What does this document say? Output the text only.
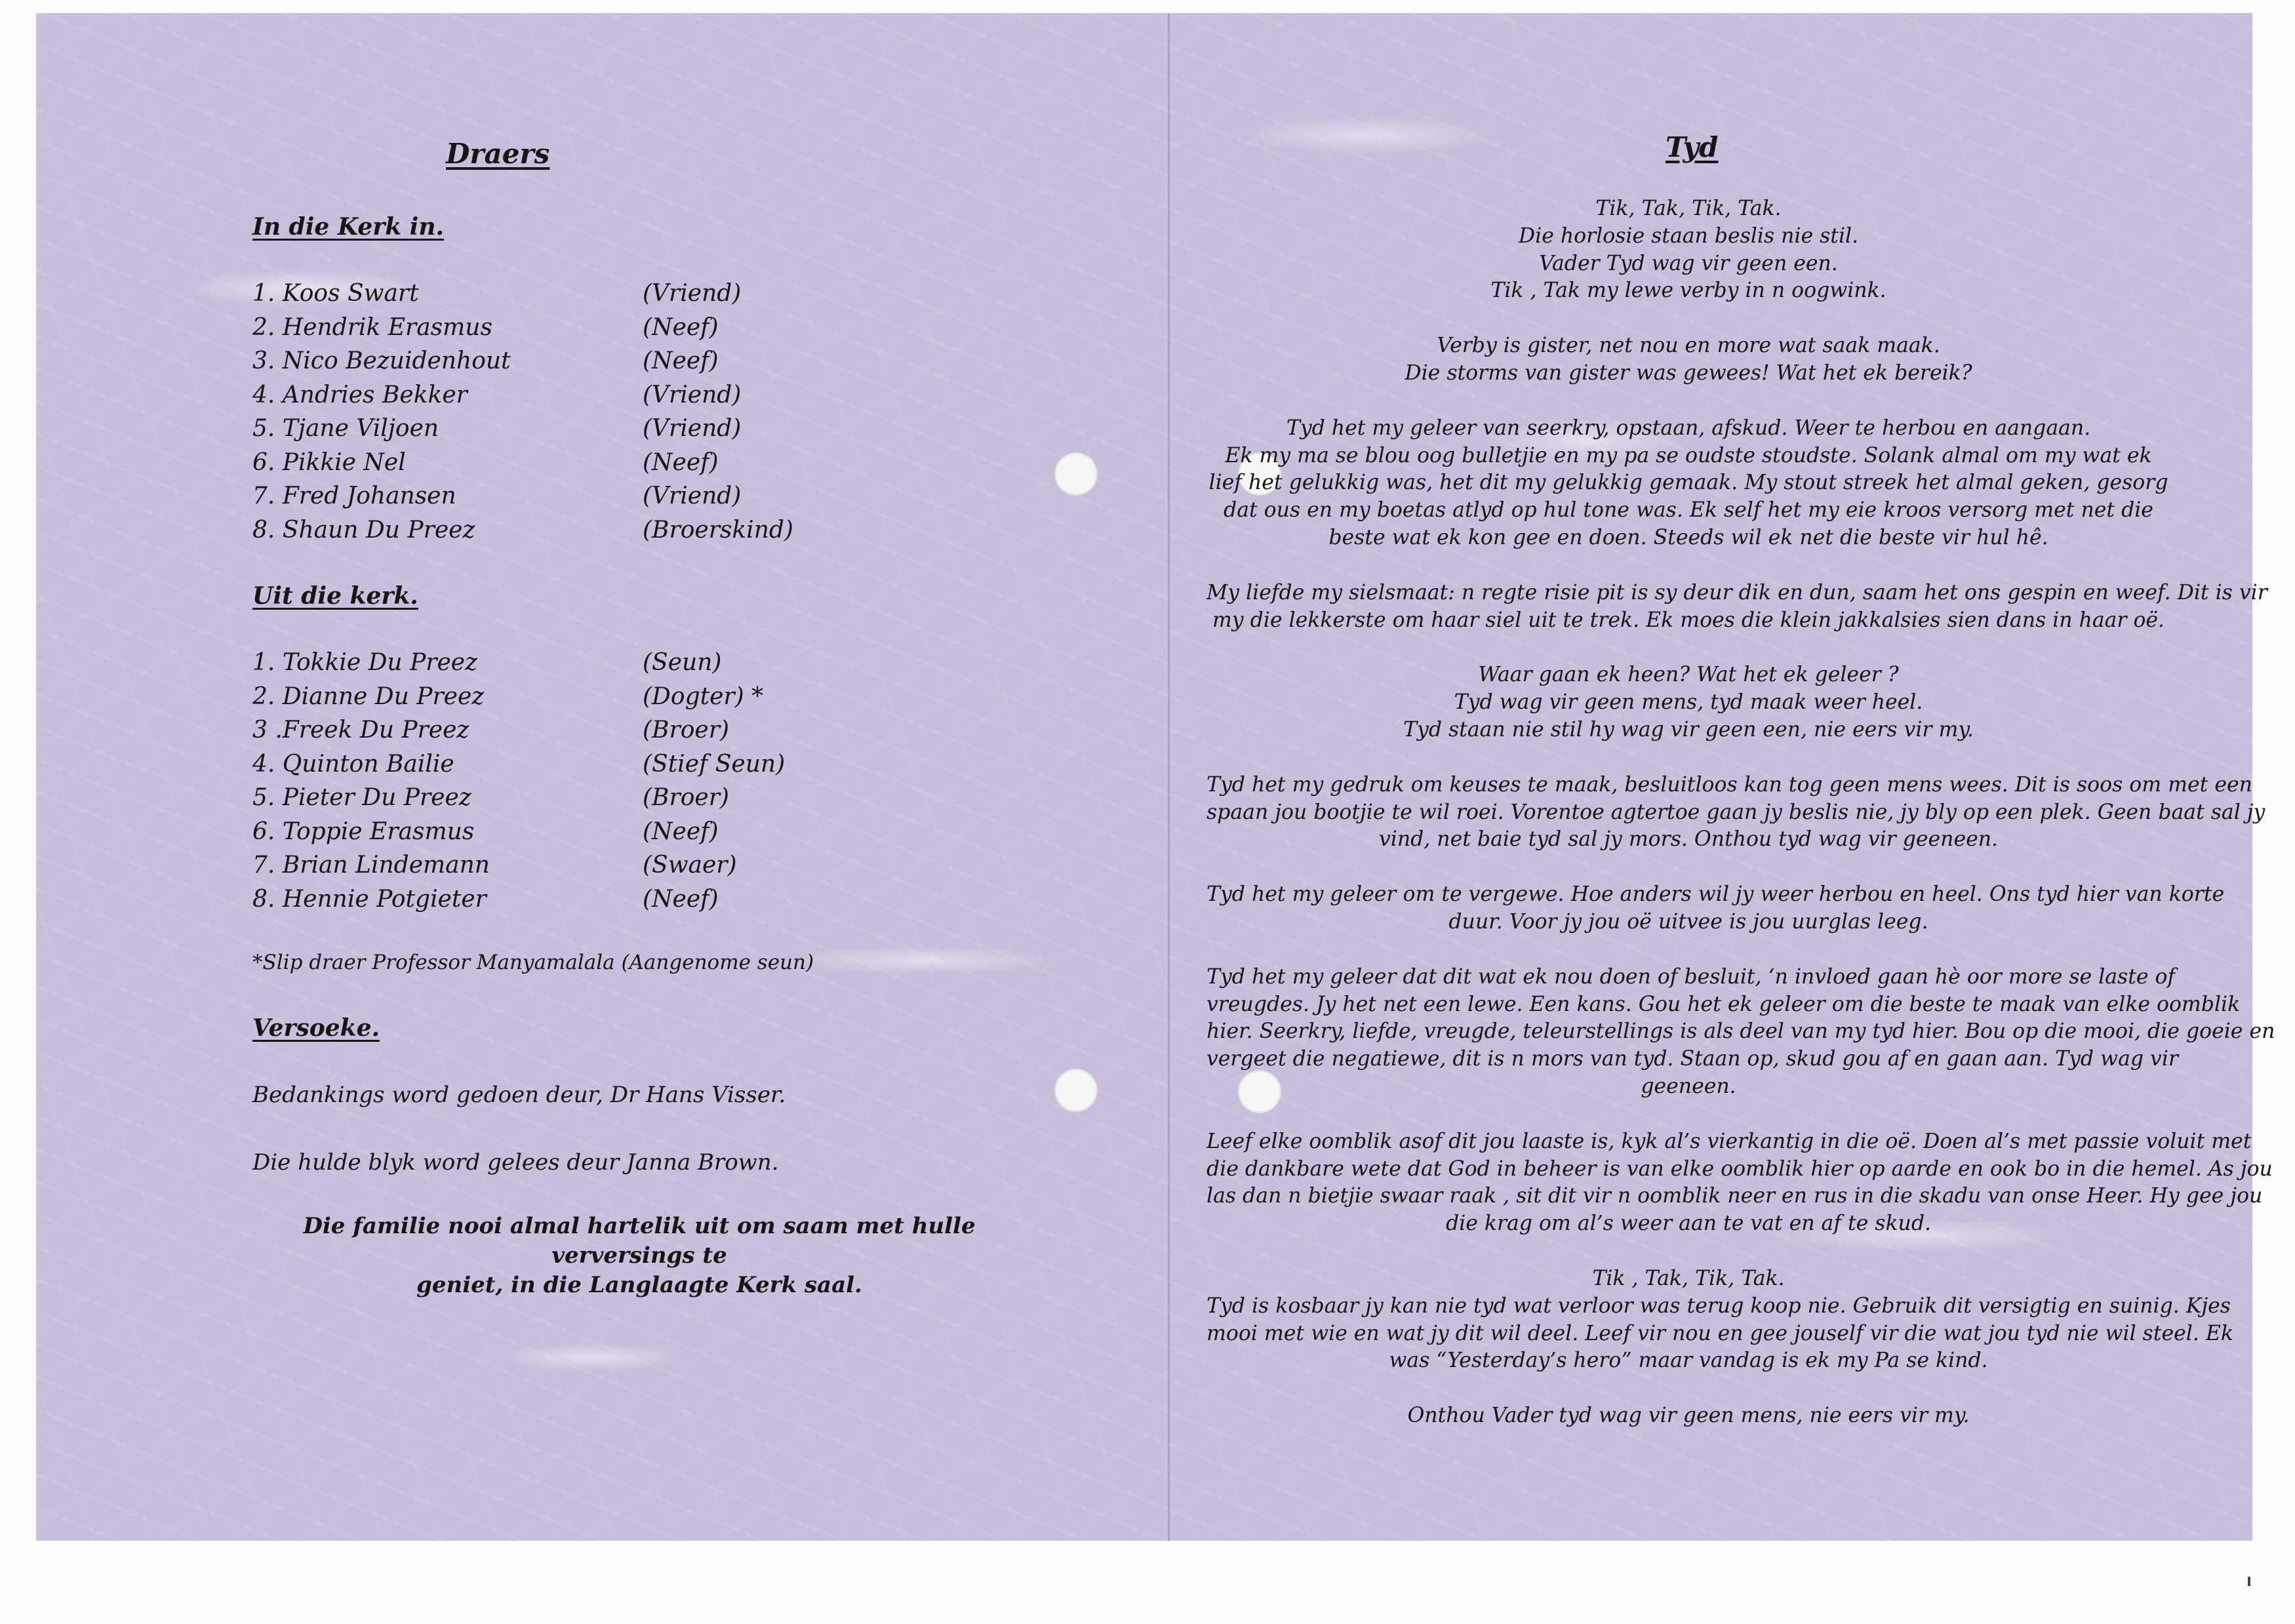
Draers
In die Kerk in.
1. Koos Swart	(Vriend)
2. Hendrik Erasmus	(Neef)
3. Nico Bezuidenhout	(Neef)
4. Andries Bekker	(Vriend)
5. Tjane Viljoen	(Vriend)
6. Pikkie Nel	(Neef)
7. Fred Johansen	(Vriend)
8. Shaun Du Preez	(Broerskind)
Uit die kerk.
1. Tokkie Du Preez	(Seun)
2. Dianne Du Preez	(Dogter) *
3 .Freek Du Preez	(Broer)
4. Quinton Bailie	(Stief Seun)
5. Pieter Du Preez	(Broer)
6. Toppie Erasmus	(Neef)
7. Brian Lindemann	(Swaer)
8. Hennie Potgieter	(Neef)
*Slip draer Professor Manyamalala (Aangenome seun)
Versoeke.
Bedankings word gedoen deur, Dr Hans Visser.
Die hulde blyk word gelees deur Janna Brown.
Die familie nooi almal hartelik uit om saam met hulle verversings te
geniet, in die Langlaagte Kerk saal.
Tyd

Tik, Tak, Tik, Tak.
Die horlosie staan beslis nie stil.
Vader Tyd wag vir geen een.
Tik , Tak my lewe verby in n oogwink.

Verby is gister, net nou en more wat saak maak.
Die storms van gister was gewees! Wat het ek bereik?

Tyd het my geleer van seerkry, opstaan, afskud. Weer te herbou en aangaan.
Ek my ma se blou oog bulletjie en my pa se oudste stoudste. Solank almal om my wat ek
lief het gelukkig was, het dit my gelukkig gemaak. My stout streek het almal geken, gesorg
dat ous en my boetas atlyd op hul tone was. Ek self het my eie kroos versorg met net die
beste wat ek kon gee en doen. Steeds wil ek net die beste vir hul hê.

My liefde my sielsmaat: n regte risie pit is sy deur dik en dun, saam het ons gespin en weef. Dit is vir
my die lekkerste om haar siel uit te trek. Ek moes die klein jakkalsies sien dans in haar oë.

Waar gaan ek heen? Wat het ek geleer ?
Tyd wag vir geen mens, tyd maak weer heel.
Tyd staan nie stil hy wag vir geen een, nie eers vir my.

Tyd het my gedruk om keuses te maak, besluitloos kan tog geen mens wees. Dit is soos om met een
spaan jou bootjie te wil roei. Vorentoe agtertoe gaan jy beslis nie, jy bly op een plek. Geen baat sal jy
vind, net baie tyd sal jy mors. Onthou tyd wag vir geeneen.

Tyd het my geleer om te vergewe. Hoe anders wil jy weer herbou en heel. Ons tyd hier van korte
duur. Voor jy jou oë uitvee is jou uurglas leeg.

Tyd het my geleer dat dit wat ek nou doen of besluit, ‘n invloed gaan hè oor more se laste of
vreugdes. Jy het net een lewe. Een kans. Gou het ek geleer om die beste te maak van elke oomblik
hier. Seerkry, liefde, vreugde, teleurstellings is als deel van my tyd hier. Bou op die mooi, die goeie en
vergeet die negatiewe, dit is n mors van tyd. Staan op, skud gou af en gaan aan. Tyd wag vir
geeneen.

Leef elke oomblik asof dit jou laaste is, kyk al’s vierkantig in die oë. Doen al’s met passie voluit met
die dankbare wete dat God in beheer is van elke oomblik hier op aarde en ook bo in die hemel. As jou
las dan n bietjie swaar raak , sit dit vir n oomblik neer en rus in die skadu van onse Heer. Hy gee jou
die krag om al’s weer aan te vat en af te skud.

Tik , Tak, Tik, Tak.
Tyd is kosbaar jy kan nie tyd wat verloor was terug koop nie. Gebruik dit versigtig en suinig. Kjes
mooi met wie en wat jy dit wil deel. Leef vir nou en gee jouself vir die wat jou tyd nie wil steel. Ek
was “Yesterday’s hero” maar vandag is ek my Pa se kind.

Onthou Vader tyd wag vir geen mens, nie eers vir my.
